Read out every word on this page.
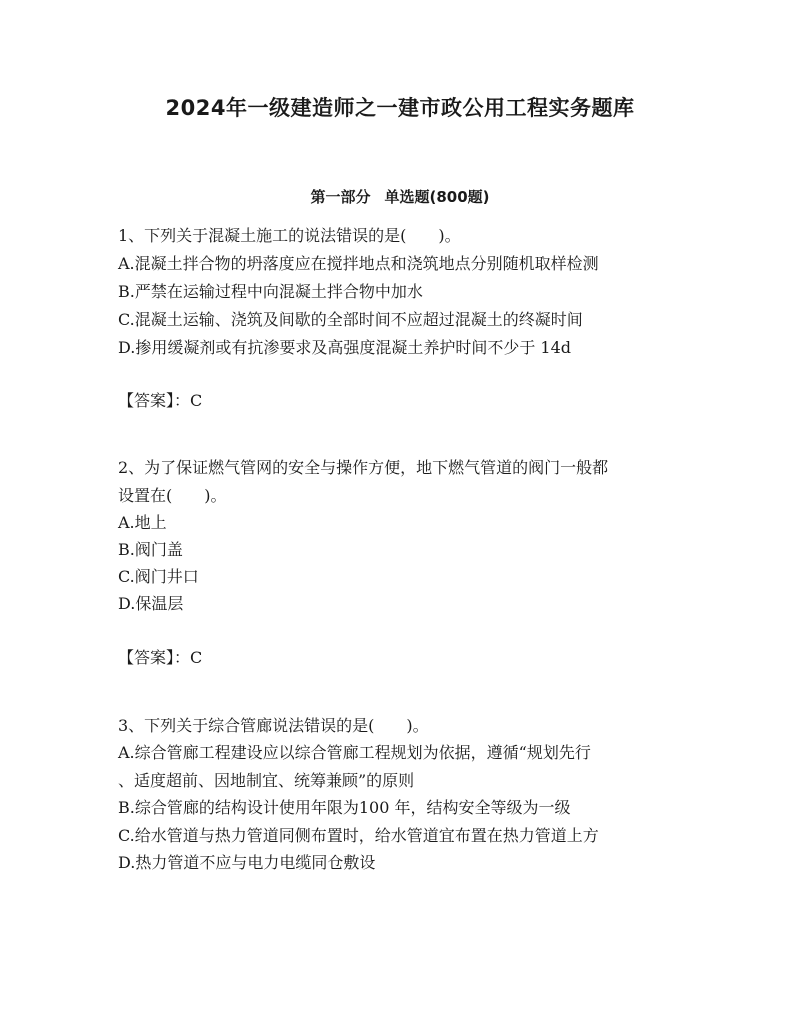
2024年一级建造师之一建市政公用工程实务题库
第一部分 单选题(800题)
1、下列关于混凝土施工的说法错误的是(　　)。
A.混凝土拌合物的坍落度应在搅拌地点和浇筑地点分别随机取样检测
B.严禁在运输过程中向混凝土拌合物中加水
C.混凝土运输、浇筑及间歇的全部时间不应超过混凝土的终凝时间
D.掺用缓凝剂或有抗渗要求及高强度混凝土养护时间不少于 14d
【答案】：C
2、为了保证燃气管网的安全与操作方便，地下燃气管道的阀门一般都
设置在(　　)。
A.地上
B.阀门盖
C.阀门井口
D.保温层
【答案】：C
3、下列关于综合管廊说法错误的是(　　)。
A.综合管廊工程建设应以综合管廊工程规划为依据，遵循“规划先行
、适度超前、因地制宜、统筹兼顾”的原则
B.综合管廊的结构设计使用年限为100 年，结构安全等级为一级
C.给水管道与热力管道同侧布置时，给水管道宜布置在热力管道上方
D.热力管道不应与电力电缆同仓敷设
